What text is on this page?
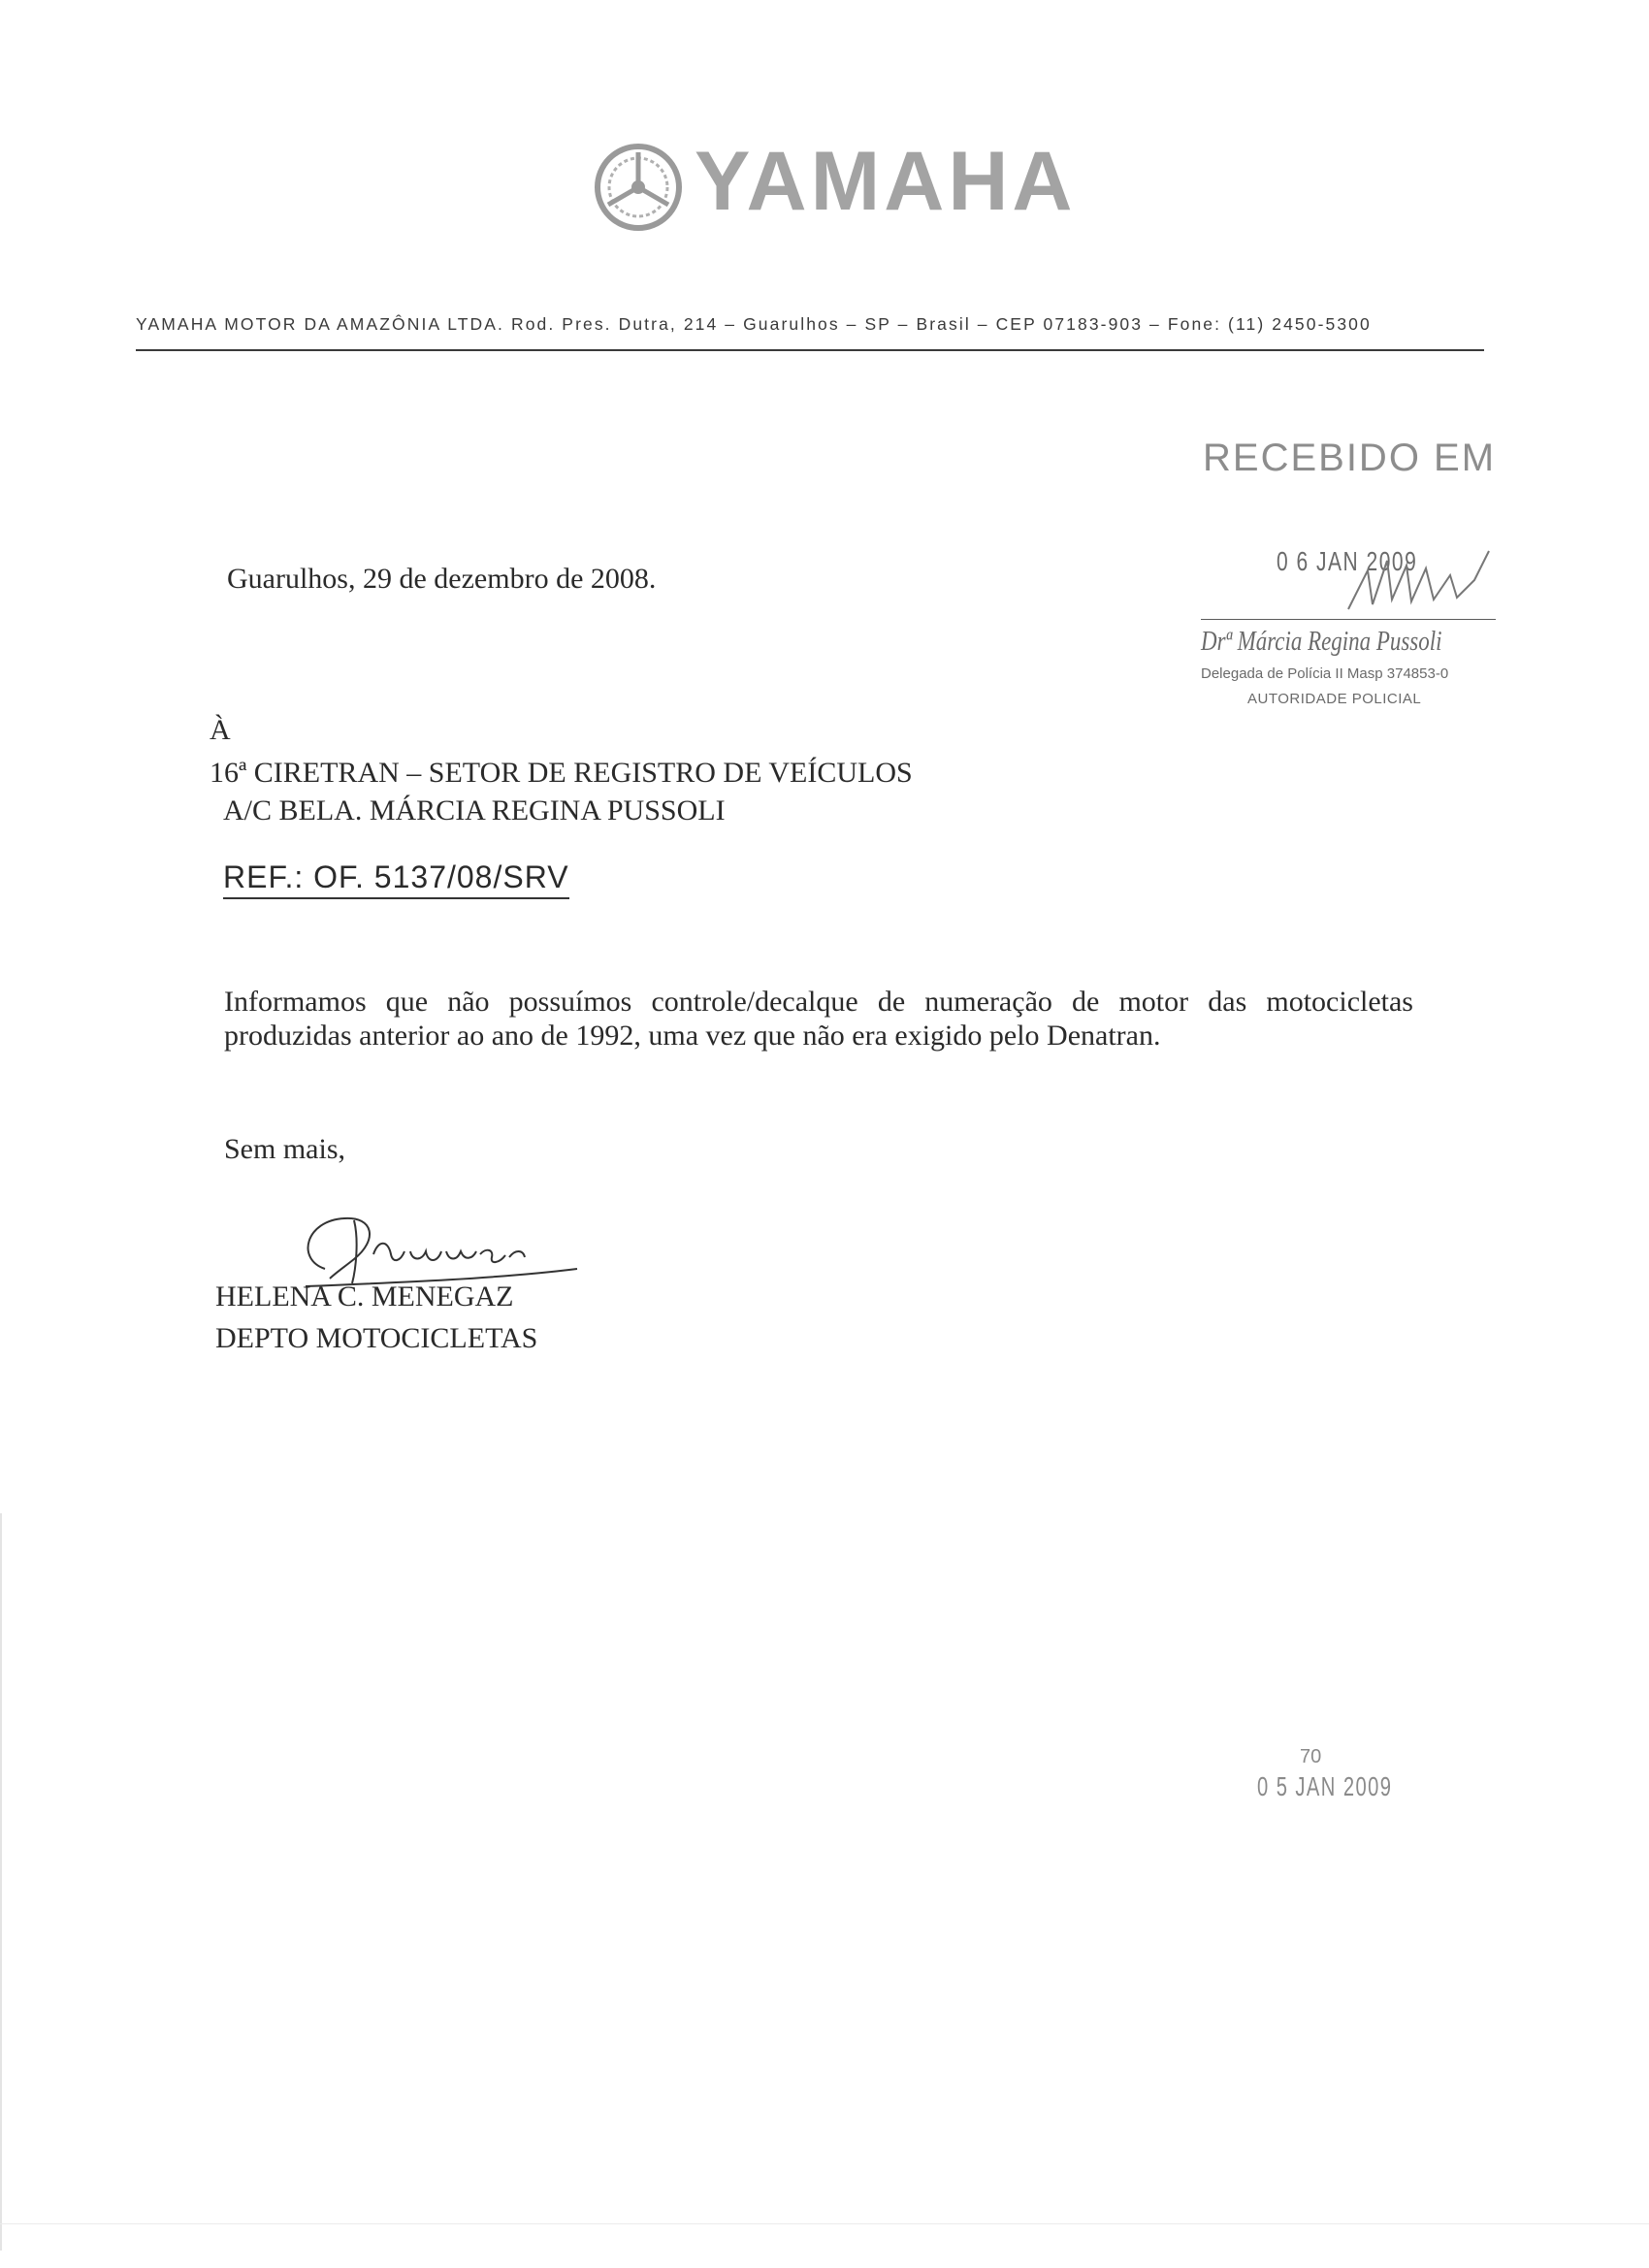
YAMAHA
YAMAHA MOTOR DA AMAZÔNIA LTDA. Rod. Pres. Dutra, 214 – Guarulhos – SP – Brasil – CEP 07183-903 – Fone: (11) 2450-5300
RECEBIDO EM
0 6 JAN 2009
Drª Márcia Regina Pussoli
Delegada de Polícia II Masp 374853-0
AUTORIDADE POLICIAL
Guarulhos, 29 de dezembro de 2008.
À
16ª CIRETRAN – SETOR DE REGISTRO DE VEÍCULOS
A/C BELA. MÁRCIA REGINA PUSSOLI
REF.: OF. 5137/08/SRV
Informamos que não possuímos controle/decalque de numeração de motor das motocicletas produzidas anterior ao ano de 1992, uma vez que não era exigido pelo Denatran.
Sem mais,
HELENA C. MENEGAZ
DEPTO MOTOCICLETAS
70
0 5 JAN 2009
